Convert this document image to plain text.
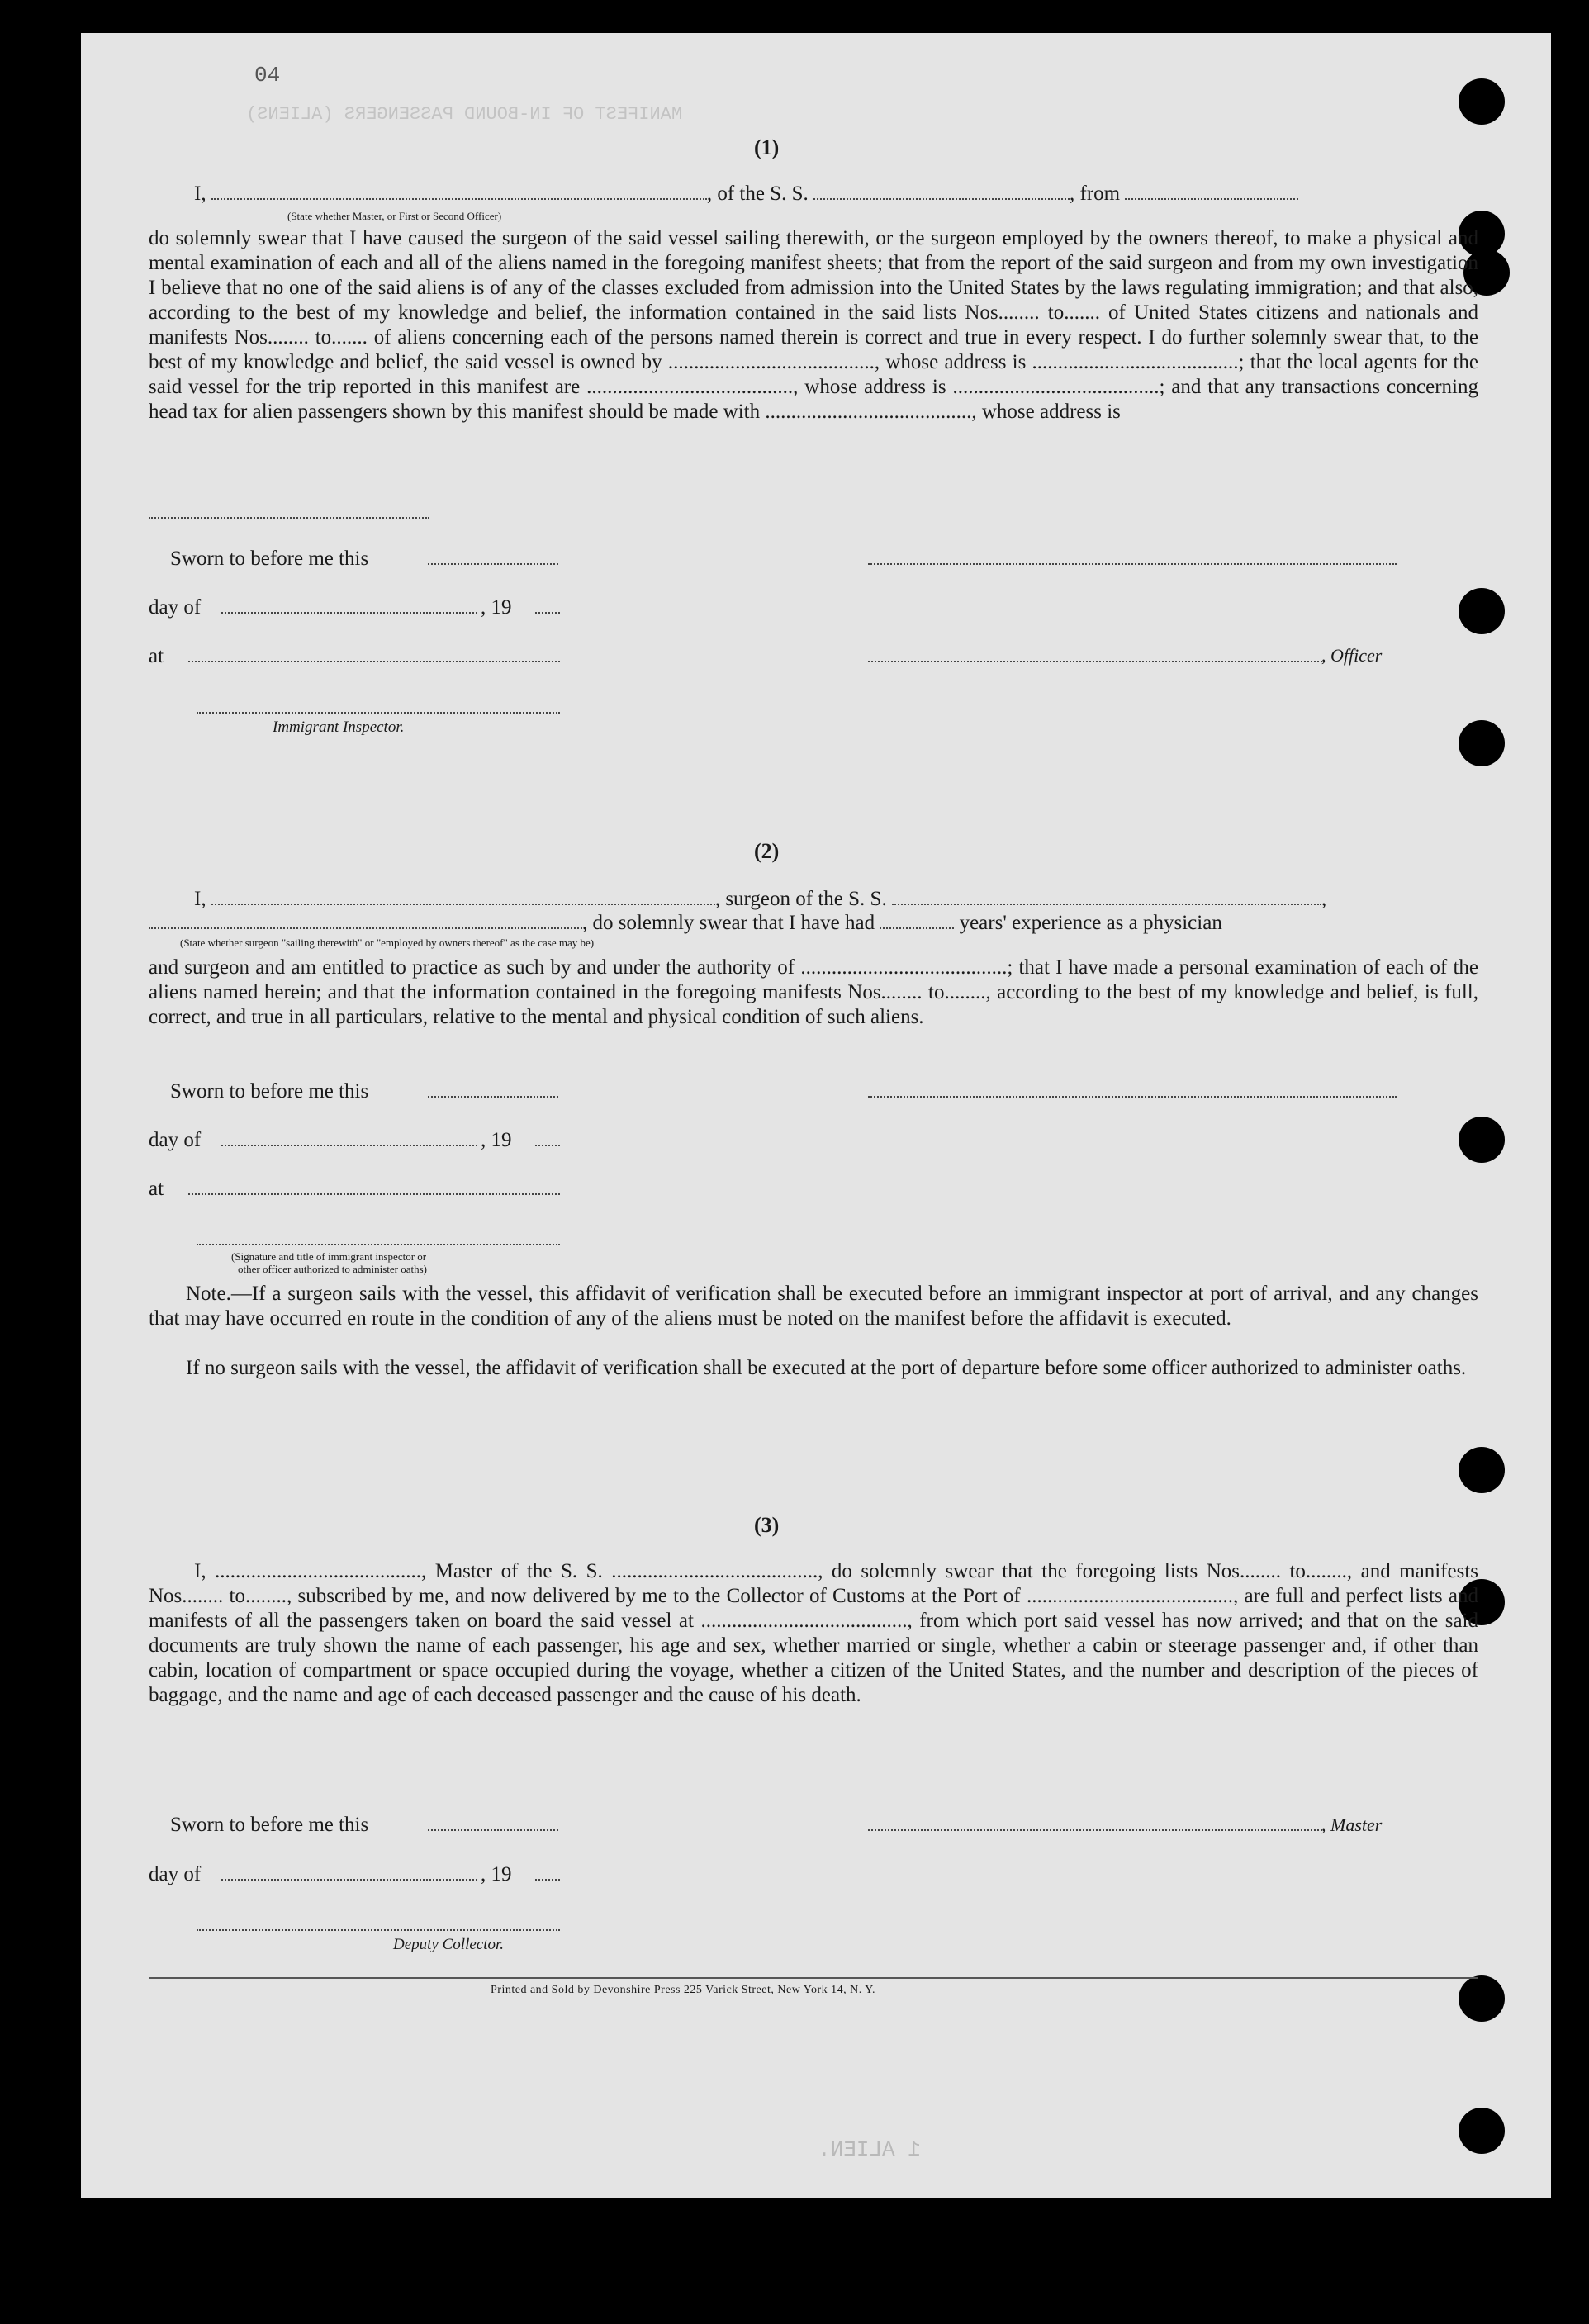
MANIFEST OF IN-BOUND PASSENGERS (ALIENS)
04
(1)
I,	, of the S. S.	, from
(State whether Master, or First or Second Officer)
do solemnly swear that I have caused the surgeon of the said vessel sailing therewith, or the surgeon employed by the owners thereof, to make a physical and mental examination of each and all of the aliens named in the foregoing manifest sheets; that from the report of the said surgeon and from my own investigation I believe that no one of the said aliens is of any of the classes excluded from admission into the United States by the laws regulating immigration; and that also, according to the best of my knowledge and belief, the information contained in the said lists Nos........ to....... of United States citizens and nationals and manifests Nos........ to....... of aliens concerning each of the persons named therein is correct and true in every respect. I do further solemnly swear that, to the best of my knowledge and belief, the said vessel is owned by ........................................, whose address is ........................................; that the local agents for the said vessel for the trip reported in this manifest are ........................................, whose address is ........................................; and that any transactions concerning head tax for alien passengers shown by this manifest should be made with ........................................, whose address is
Sworn to before me this
day of	, 19
at	, Officer
Immigrant Inspector.
(2)
I,	, surgeon of the S. S.	,
, do solemnly swear that I have had	years' experience as a physician
(State whether surgeon "sailing therewith" or "employed by owners thereof" as the case may be)
and surgeon and am entitled to practice as such by and under the authority of ........................................; that I have made a personal examination of each of the aliens named herein; and that the information contained in the foregoing manifests Nos........ to........, according to the best of my knowledge and belief, is full, correct, and true in all particulars, relative to the mental and physical condition of such aliens.
Sworn to before me this
day of	, 19
at
(Signature and title of immigrant inspector or
other officer authorized to administer oaths)
Note.—If a surgeon sails with the vessel, this affidavit of verification shall be executed before an immigrant inspector at port of arrival, and any changes that may have occurred en route in the condition of any of the aliens must be noted on the manifest before the affidavit is executed.
If no surgeon sails with the vessel, the affidavit of verification shall be executed at the port of departure before some officer authorized to administer oaths.
(3)
I, ........................................, Master of the S. S. ........................................, do solemnly swear that the foregoing lists Nos........ to........, and manifests Nos........ to........, subscribed by me, and now delivered by me to the Collector of Customs at the Port of ........................................, are full and perfect lists and manifests of all the passengers taken on board the said vessel at ........................................, from which port said vessel has now arrived; and that on the said documents are truly shown the name of each passenger, his age and sex, whether married or single, whether a cabin or steerage passenger and, if other than cabin, location of compartment or space occupied during the voyage, whether a citizen of the United States, and the number and description of the pieces of baggage, and the name and age of each deceased passenger and the cause of his death.
Sworn to before me this	, Master
day of	, 19
Deputy Collector.
Printed and Sold by Devonshire Press 225 Varick Street, New York 14, N. Y.
1 ALIEN.
